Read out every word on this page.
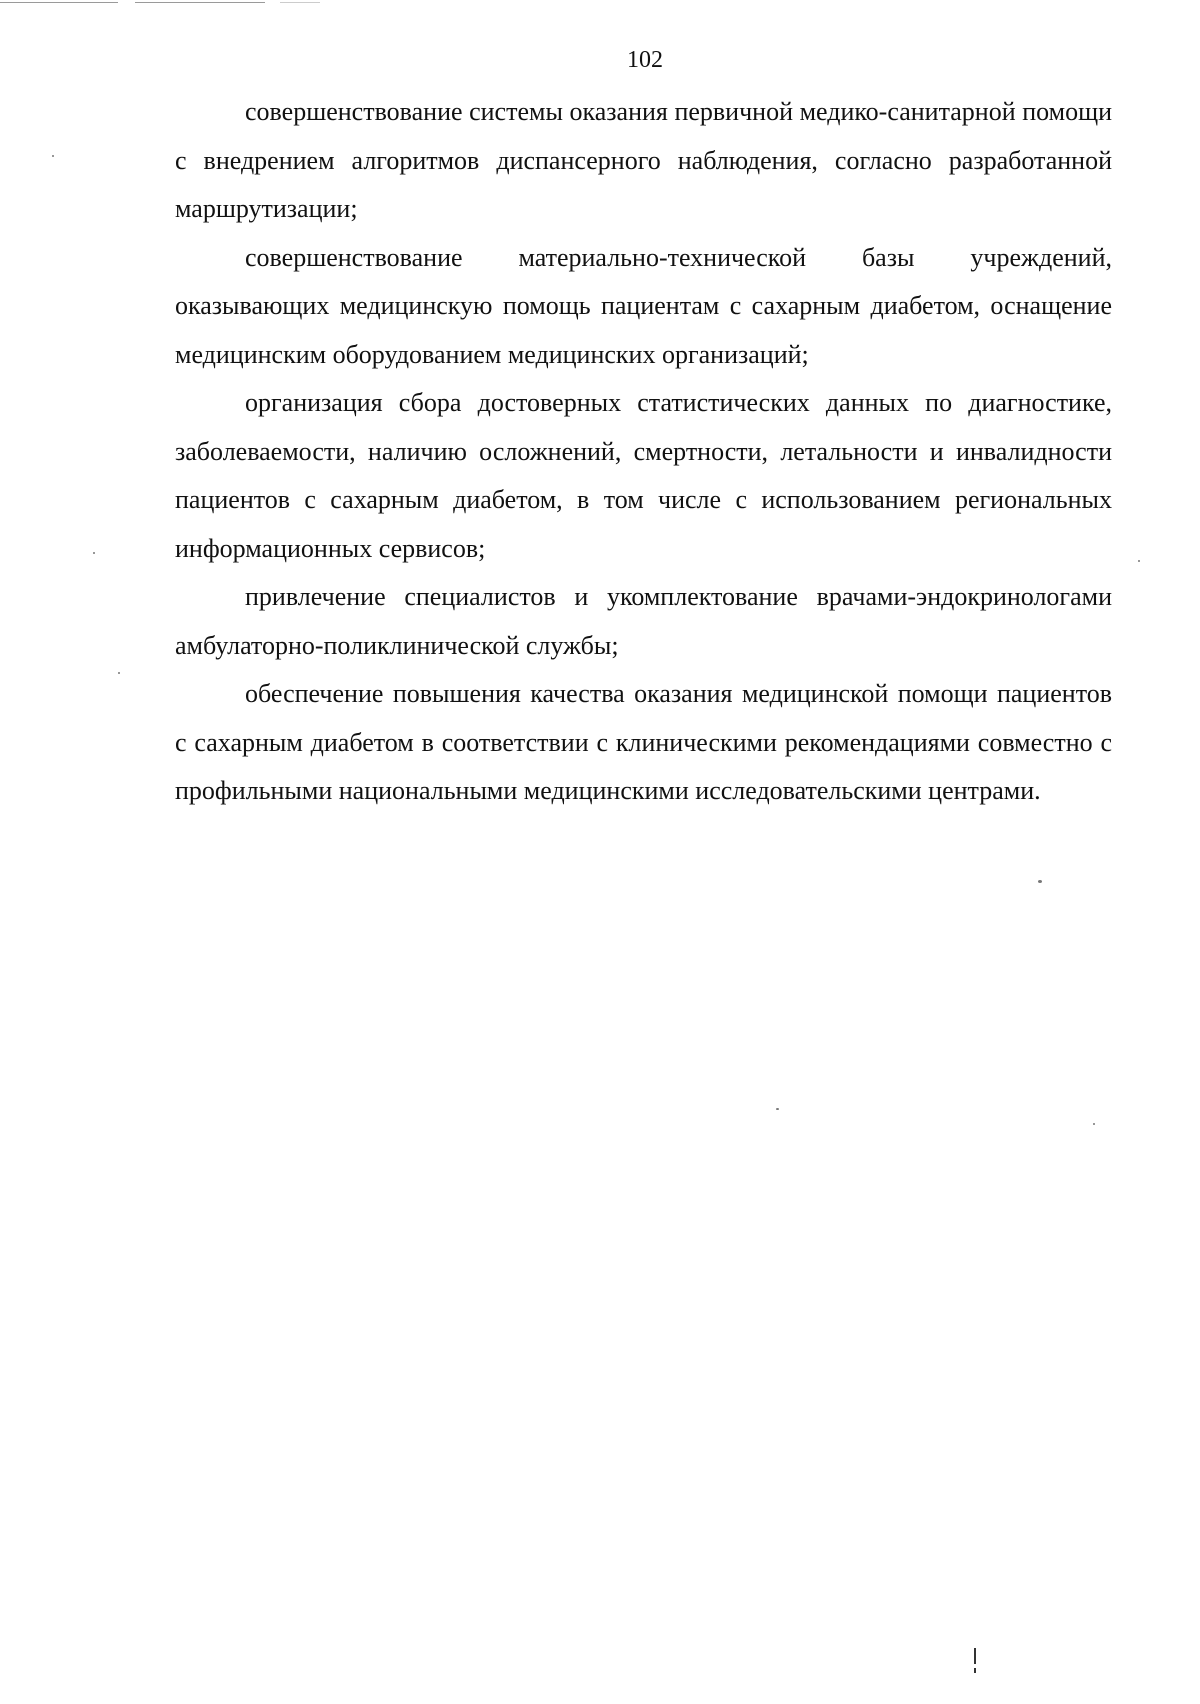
102

совершенствование системы оказания первичной медико-санитарной помощи с внедрением алгоритмов диспансерного наблюдения, согласно разработанной маршрутизации;

совершенствование материально-технической базы учреждений, оказывающих медицинскую помощь пациентам с сахарным диабетом, оснащение медицинским оборудованием медицинских организаций;

организация сбора достоверных статистических данных по диагностике, заболеваемости, наличию осложнений, смертности, летальности и инвалидности пациентов с сахарным диабетом, в том числе с использованием региональных информационных сервисов;

привлечение специалистов и укомплектование врачами-эндокринологами амбулаторно-поликлинической службы;

обеспечение повышения качества оказания медицинской помощи пациентов с сахарным диабетом в соответствии с клиническими рекомендациями совместно с профильными национальными медицинскими исследовательскими центрами.
